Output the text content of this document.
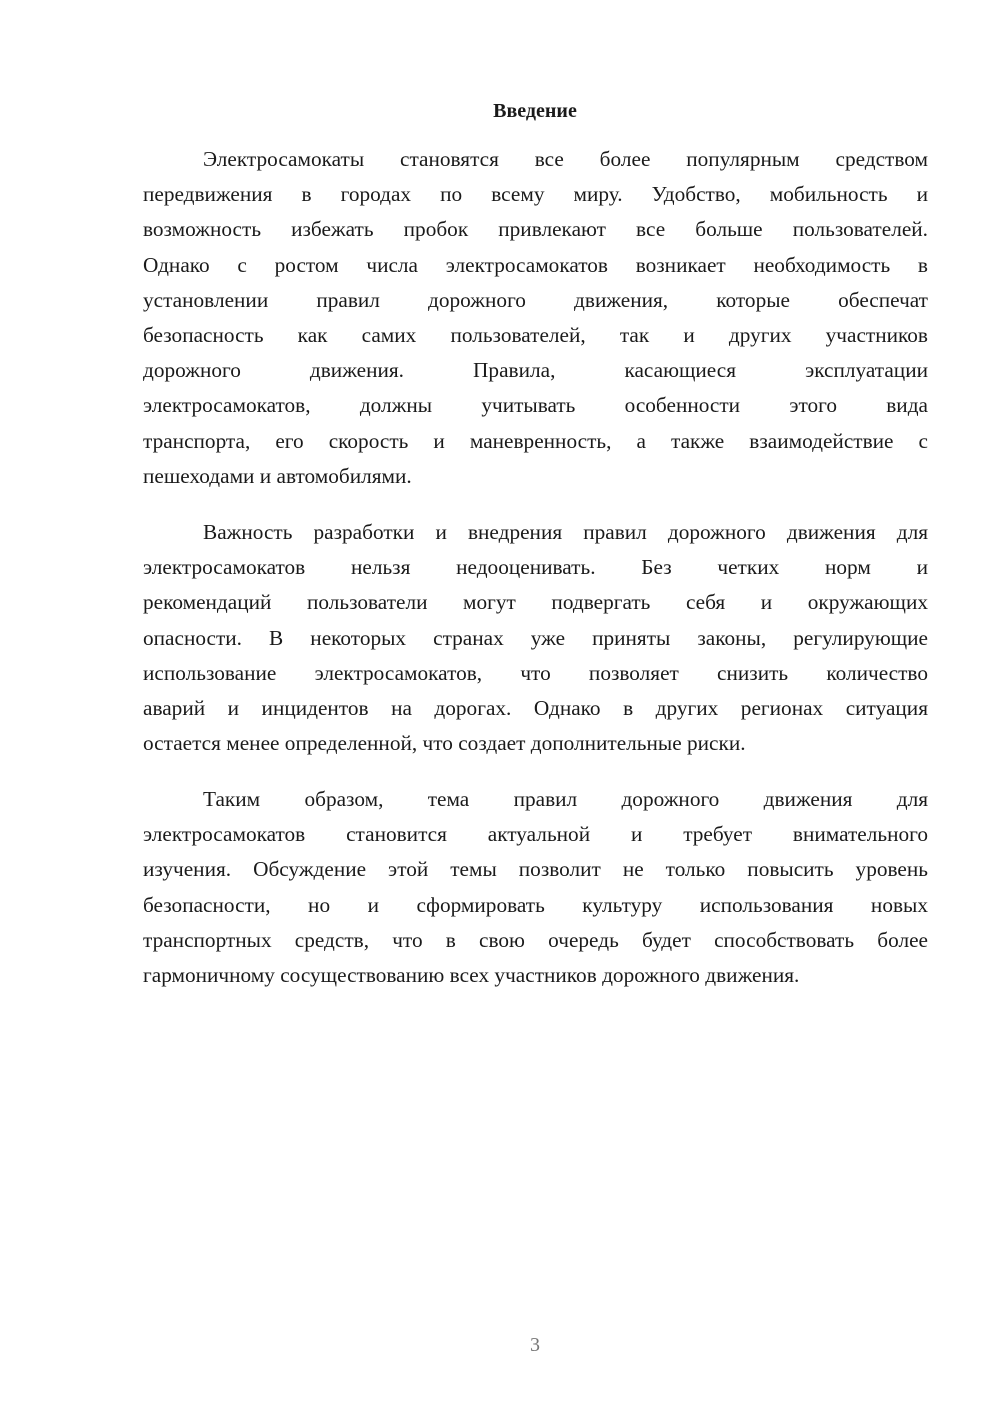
Введение
Электросамокаты становятся все более популярным средством
передвижения в городах по всему миру. Удобство, мобильность и
возможность избежать пробок привлекают все больше пользователей.
Однако с ростом числа электросамокатов возникает необходимость в
установлении правил дорожного движения, которые обеспечат
безопасность как самих пользователей, так и других участников
дорожного движения. Правила, касающиеся эксплуатации
электросамокатов, должны учитывать особенности этого вида
транспорта, его скорость и маневренность, а также взаимодействие с
пешеходами и автомобилями.
Важность разработки и внедрения правил дорожного движения для
электросамокатов нельзя недооценивать. Без четких норм и
рекомендаций пользователи могут подвергать себя и окружающих
опасности. В некоторых странах уже приняты законы, регулирующие
использование электросамокатов, что позволяет снизить количество
аварий и инцидентов на дорогах. Однако в других регионах ситуация
остается менее определенной, что создает дополнительные риски.
Таким образом, тема правил дорожного движения для
электросамокатов становится актуальной и требует внимательного
изучения. Обсуждение этой темы позволит не только повысить уровень
безопасности, но и сформировать культуру использования новых
транспортных средств, что в свою очередь будет способствовать более
гармоничному сосуществованию всех участников дорожного движения.
3
